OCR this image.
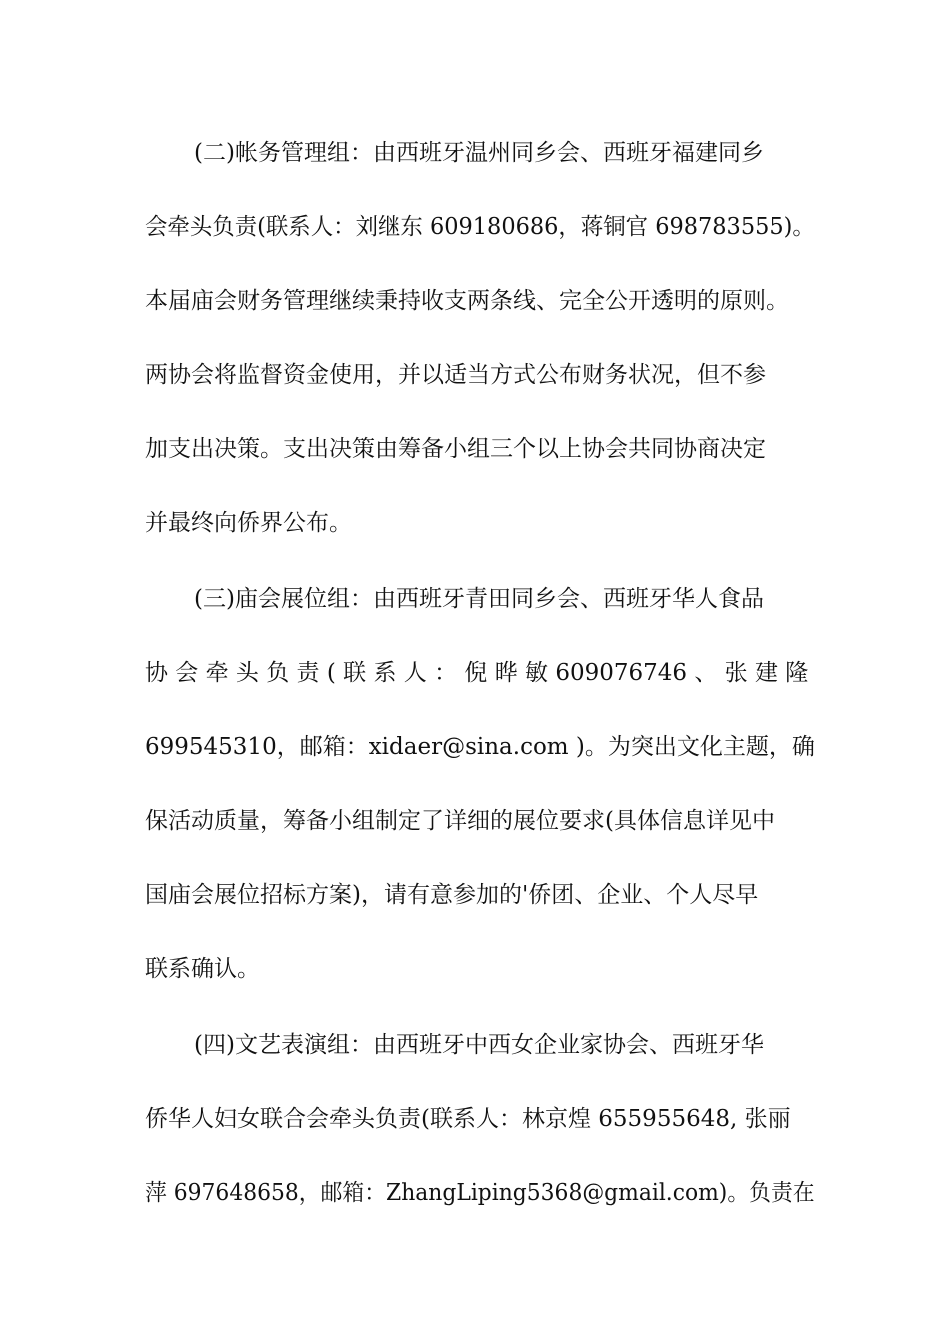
(二)帐务管理组：由西班牙温州同乡会、西班牙福建同乡
会牵头负责(联系人：刘继东 609180686，蒋铜官 698783555)。
本届庙会财务管理继续秉持收支两条线、完全公开透明的原则。
两协会将监督资金使用，并以适当方式公布财务状况，但不参
加支出决策。支出决策由筹备小组三个以上协会共同协商决定
并最终向侨界公布。
(三)庙会展位组：由西班牙青田同乡会、西班牙华人食品
协 会 牵 头 负 责 ( 联 系 人 ： 倪 晔 敏 609076746 、 张 建 隆
699545310，邮箱：xidaer@sina.com )。为突出文化主题，确
保活动质量，筹备小组制定了详细的展位要求(具体信息详见中
国庙会展位招标方案)，请有意参加的'侨团、企业、个人尽早
联系确认。
(四)文艺表演组：由西班牙中西女企业家协会、西班牙华
侨华人妇女联合会牵头负责(联系人：林京煌 655955648, 张丽
萍 697648658，邮箱：ZhangLiping5368@gmail.com)。负责在
